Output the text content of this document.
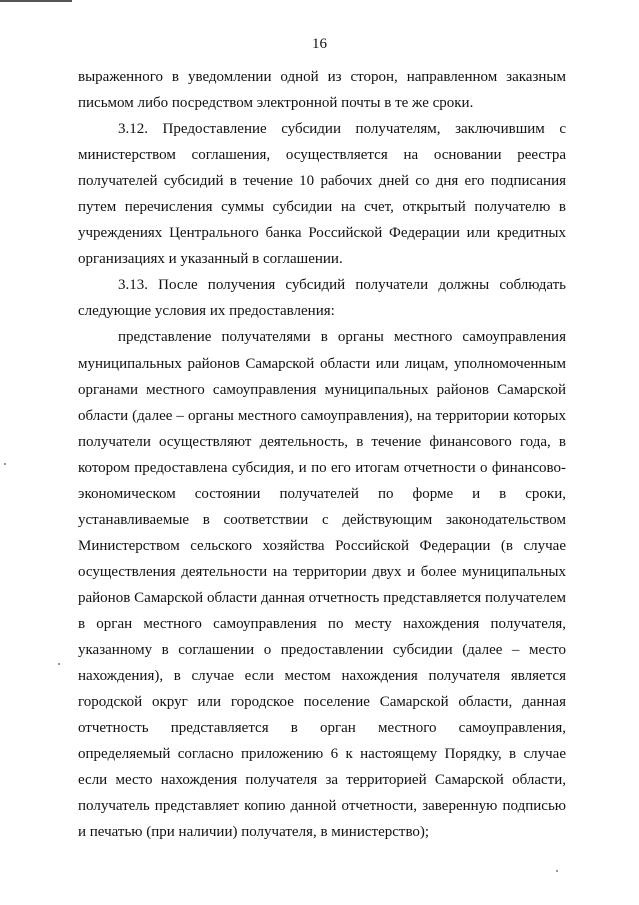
16

выраженного в уведомлении одной из сторон, направленном заказным
письмом либо посредством электронной почты в те же сроки.
3.12. Предоставление субсидии получателям, заключившим с
министерством соглашения, осуществляется на основании реестра
получателей субсидий в течение 10 рабочих дней со дня его подписания
путем перечисления суммы субсидии на счет, открытый получателю в
учреждениях Центрального банка Российской Федерации или кредитных
организациях и указанный в соглашении.
3.13. После получения субсидий получатели должны соблюдать
следующие условия их предоставления:
представление получателями в органы местного самоуправления
муниципальных районов Самарской области или лицам, уполномоченным
органами местного самоуправления муниципальных районов Самарской
области (далее – органы местного самоуправления), на территории которых
получатели осуществляют деятельность, в течение финансового года, в
котором предоставлена субсидия, и по его итогам отчетности о финансово-
экономическом состоянии получателей по форме и в сроки,
устанавливаемые в соответствии с действующим законодательством
Министерством сельского хозяйства Российской Федерации (в случае
осуществления деятельности на территории двух и более муниципальных
районов Самарской области данная отчетность представляется получателем
в орган местного самоуправления по месту нахождения получателя,
указанному в соглашении о предоставлении субсидии (далее – место
нахождения), в случае если местом нахождения получателя является
городской округ или городское поселение Самарской области, данная
отчетность представляется в орган местного самоуправления,
определяемый согласно приложению 6 к настоящему Порядку, в случае
если место нахождения получателя за территорией Самарской области,
получатель представляет копию данной отчетности, заверенную подписью
и печатью (при наличии) получателя, в министерство);
